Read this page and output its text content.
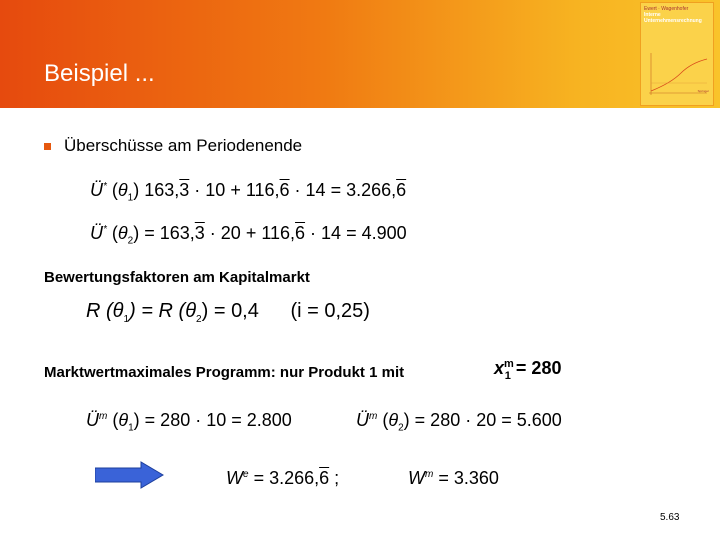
Beispiel ...
Ewert · Wagenhofer
Interne
Unternehmensrechnung
Springer
Überschüsse am Periodenende
Ü* $(\theta_1) 163,3 \cdot 10 + 116,6 \cdot 14 = 3.266,6$
Ü* $(\theta_2) = 163,3 \cdot 20 + 116,6 \cdot 14 = 4.900$
Bewertungsfaktoren am Kapitalmarkt
R $(\theta_1) = R$ $(\theta_2) = 0,4$ (i = 0,25)
Marktwertmaximales Programm: nur Produkt 1 mit	$x^m_1 = 280$
$Ü^m$ $(\theta_1) = 280 \cdot 10 = 2.800$	$Ü^m$ $(\theta_2) = 280 \cdot 20 = 5.600$
$W^e = 3.266,6$ ;	$W^m = 3.360$
5.63
